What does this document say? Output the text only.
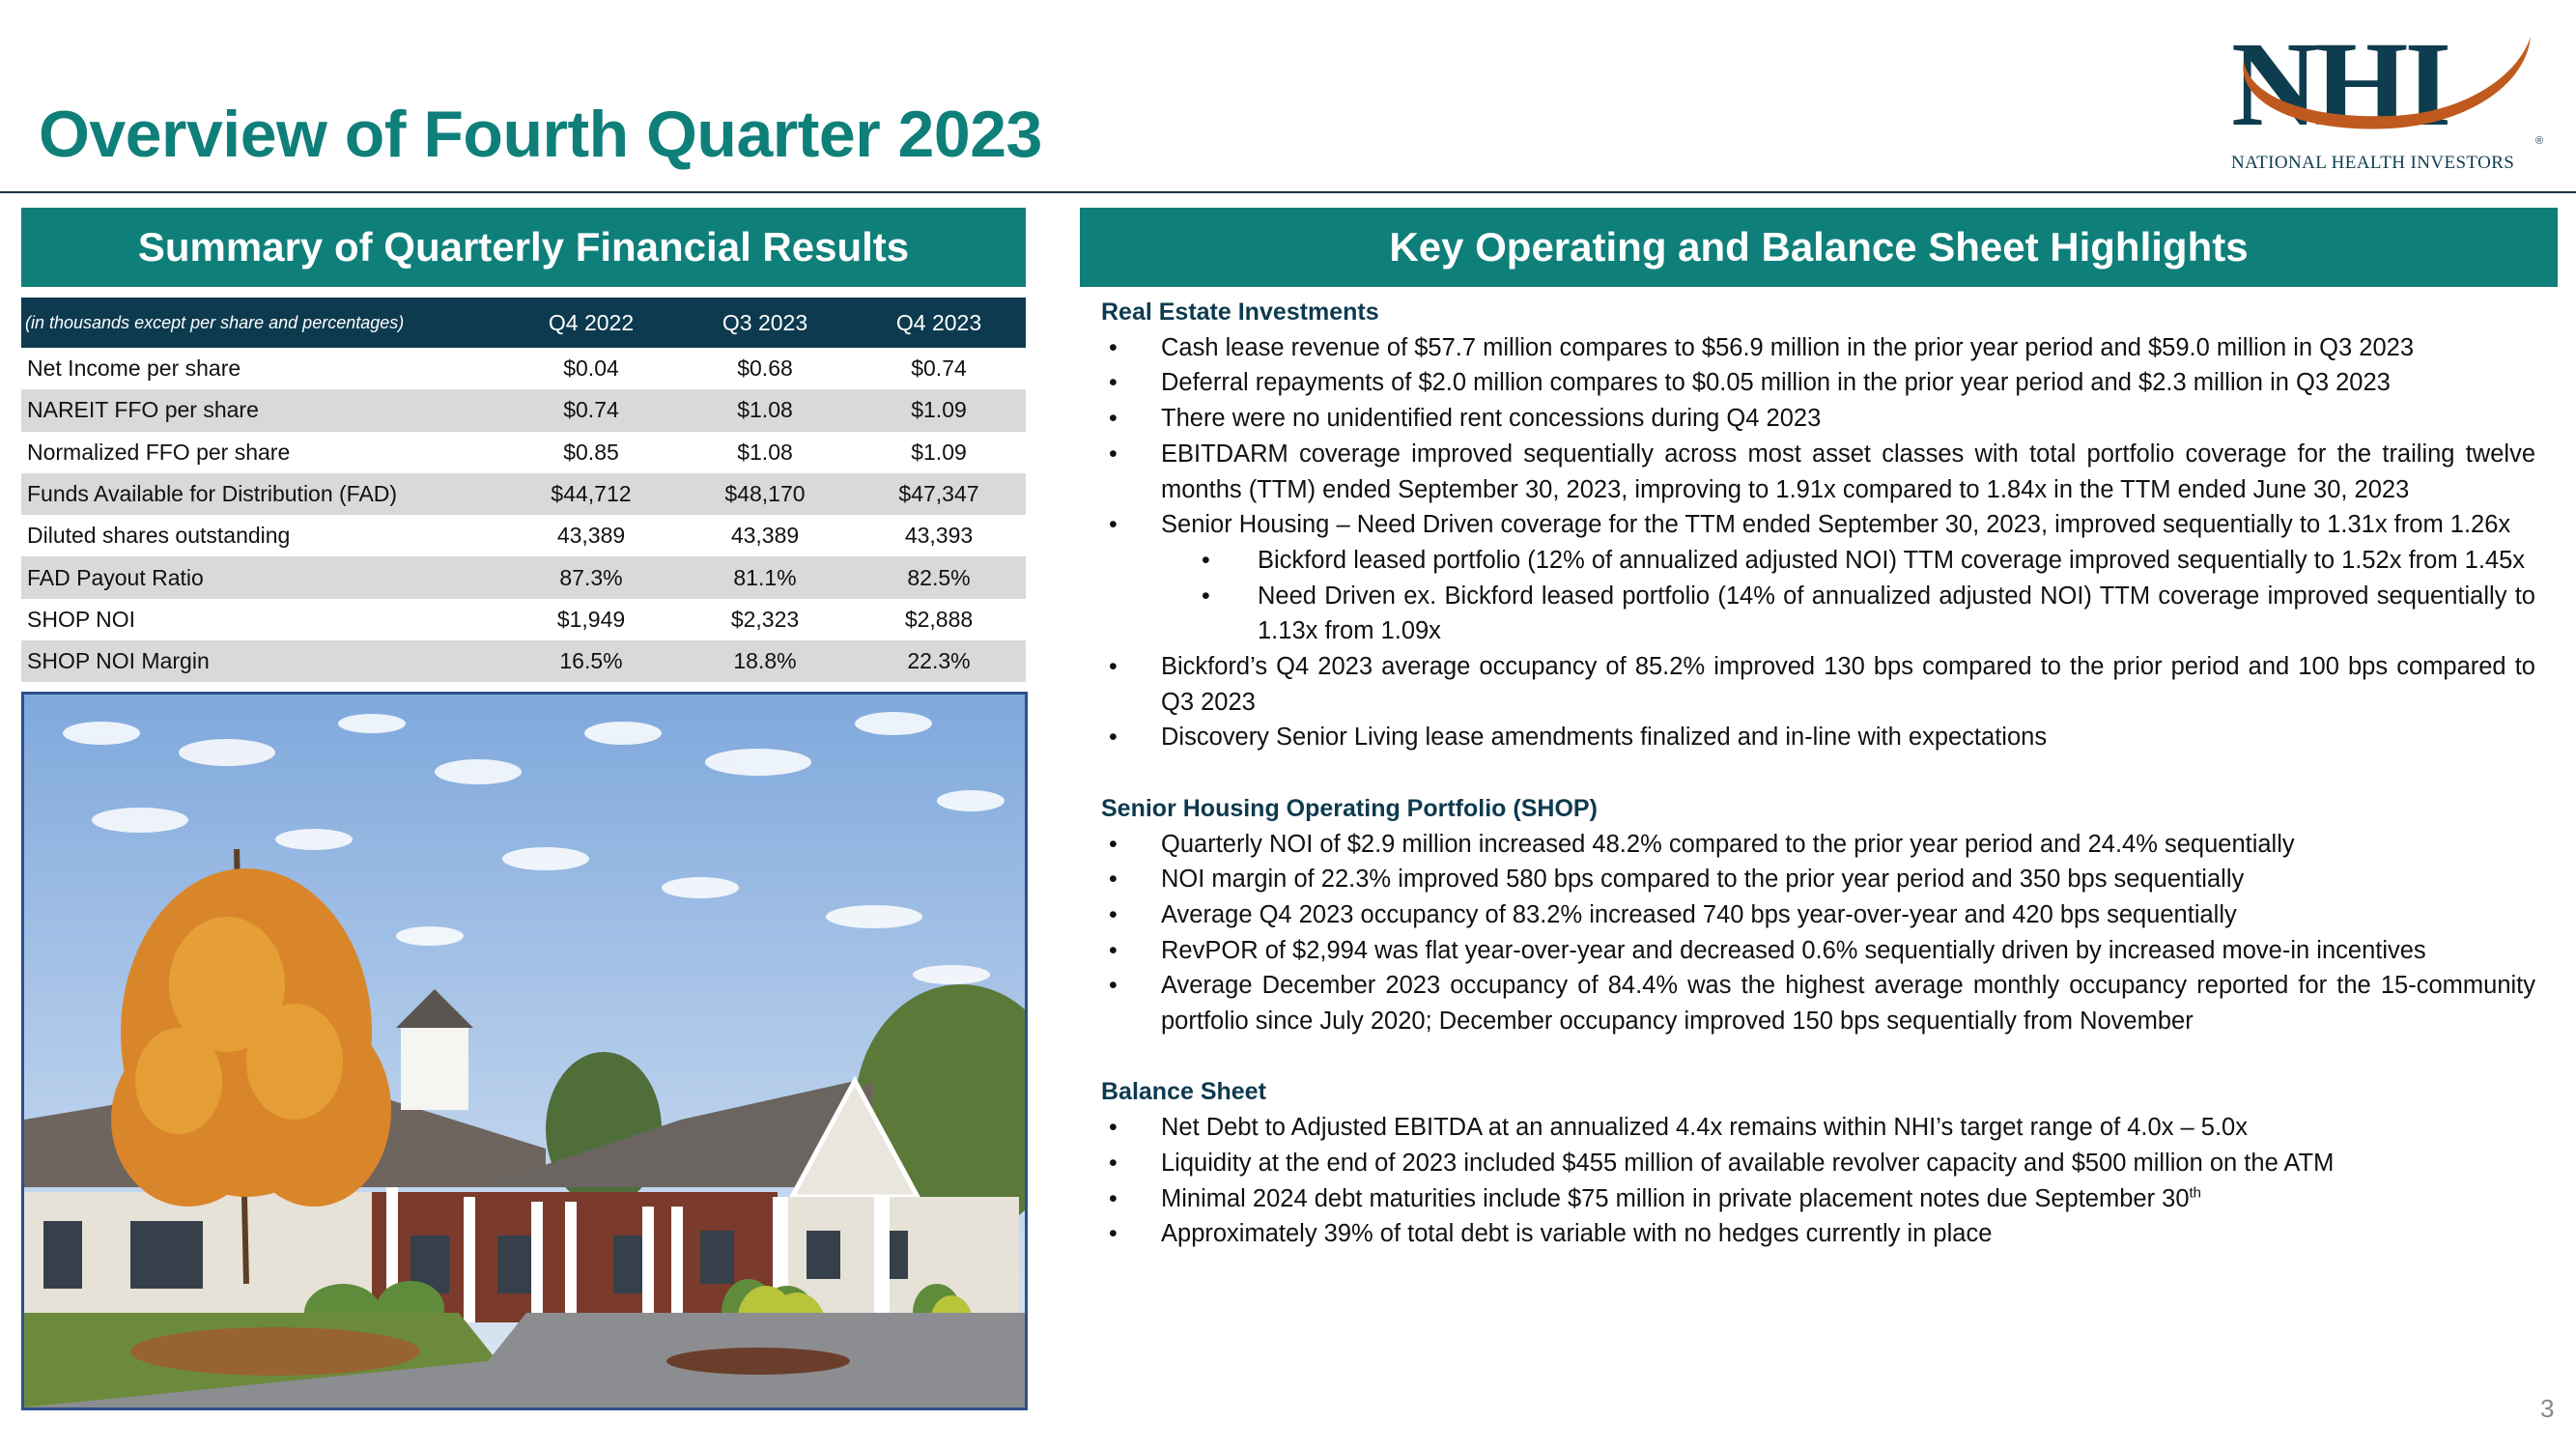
Overview of Fourth Quarter 2023	NHI
NATIONAL HEALTH INVESTORS
®
Summary of Quarterly Financial Results
(in thousands except per share and percentages)	Q4 2022	Q3 2023	Q4 2023
Net Income per share	$0.04	$0.68	$0.74
NAREIT FFO per share	$0.74	$1.08	$1.09
Normalized FFO per share	$0.85	$1.08	$1.09
Funds Available for Distribution (FAD)	$44,712	$48,170	$47,347
Diluted shares outstanding	43,389	43,389	43,393
FAD Payout Ratio	87.3%	81.1%	82.5%
SHOP NOI	$1,949	$2,323	$2,888
SHOP NOI Margin	16.5%	18.8%	22.3%
Key Operating and Balance Sheet Highlights
Real Estate Investments
• Cash lease revenue of $57.7 million compares to $56.9 million in the prior year period and $59.0 million in Q3 2023
• Deferral repayments of $2.0 million compares to $0.05 million in the prior year period and $2.3 million in Q3 2023
• There were no unidentified rent concessions during Q4 2023
• EBITDARM coverage improved sequentially across most asset classes with total portfolio coverage for the trailing twelve months (TTM) ended September 30, 2023, improving to 1.91x compared to 1.84x in the TTM ended June 30, 2023
• Senior Housing – Need Driven coverage for the TTM ended September 30, 2023, improved sequentially to 1.31x from 1.26x
• Bickford leased portfolio (12% of annualized adjusted NOI) TTM coverage improved sequentially to 1.52x from 1.45x
• Need Driven ex. Bickford leased portfolio (14% of annualized adjusted NOI) TTM coverage improved sequentially to 1.13x from 1.09x
• Bickford’s Q4 2023 average occupancy of 85.2% improved 130 bps compared to the prior period and 100 bps compared to Q3 2023
• Discovery Senior Living lease amendments finalized and in-line with expectations
Senior Housing Operating Portfolio (SHOP)
• Quarterly NOI of $2.9 million increased 48.2% compared to the prior year period and 24.4% sequentially
• NOI margin of 22.3% improved 580 bps compared to the prior year period and 350 bps sequentially
• Average Q4 2023 occupancy of 83.2% increased 740 bps year-over-year and 420 bps sequentially
• RevPOR of $2,994 was flat year-over-year and decreased 0.6% sequentially driven by increased move-in incentives
• Average December 2023 occupancy of 84.4% was the highest average monthly occupancy reported for the 15-community portfolio since July 2020; December occupancy improved 150 bps sequentially from November
Balance Sheet
• Net Debt to Adjusted EBITDA at an annualized 4.4x remains within NHI’s target range of 4.0x – 5.0x
• Liquidity at the end of 2023 included $455 million of available revolver capacity and $500 million on the ATM
• Minimal 2024 debt maturities include $75 million in private placement notes due September 30th
• Approximately 39% of total debt is variable with no hedges currently in place
3
